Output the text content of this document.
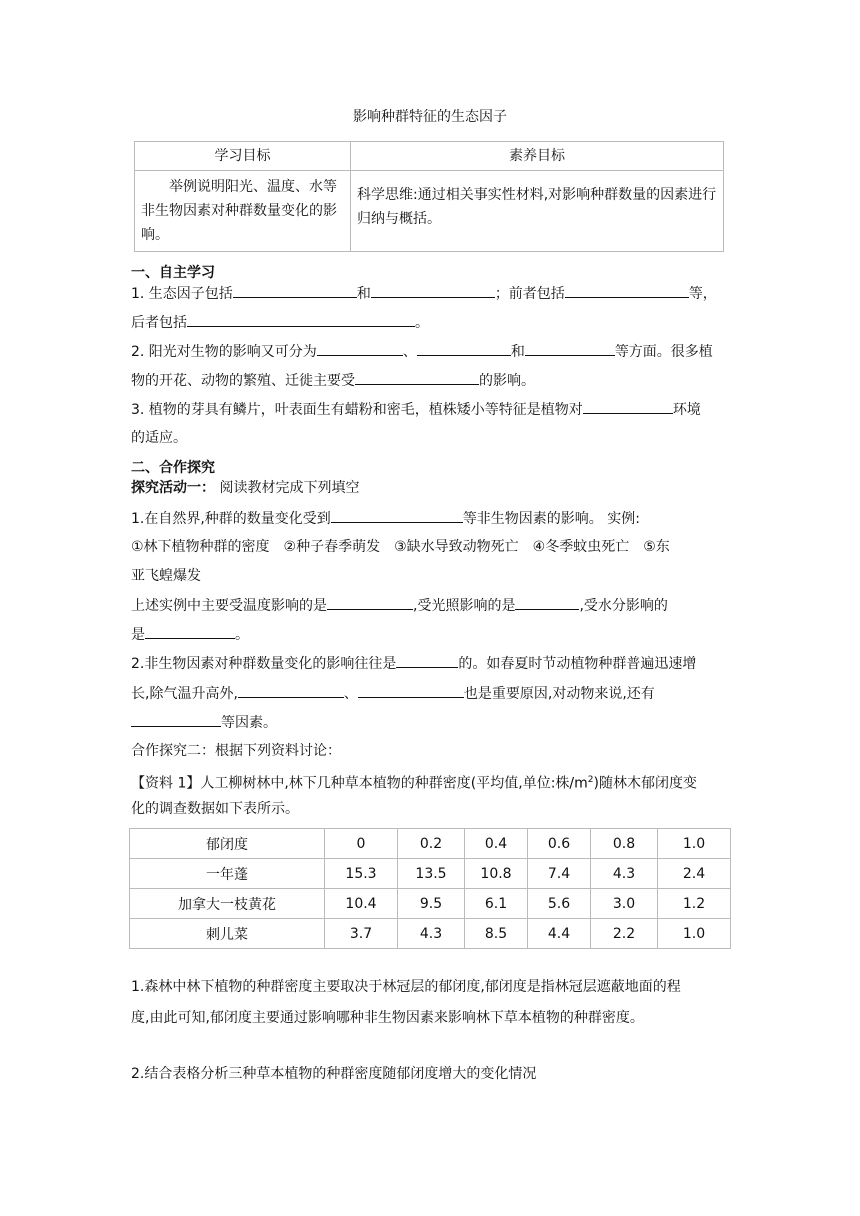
影响种群特征的生态因子
学习目标	素养目标
举例说明阳光、温度、水等非生物因素对种群数量变化的影响。	科学思维:通过相关事实性材料,对影响种群数量的因素进行归纳与概括。
一、自主学习
1. 生态因子包括	和	；前者包括	等，
后者包括	。
2. 阳光对生物的影响又可分为	、	和	等方面。很多植
物的开花、动物的繁殖、迁徙主要受	的影响。
3. 植物的芽具有鳞片，叶表面生有蜡粉和密毛，植株矮小等特征是植物对	环境
的适应。
二、合作探究
探究活动一： 阅读教材完成下列填空
1.在自然界,种群的数量变化受到	等非生物因素的影响。 实例:
①林下植物种群的密度　②种子春季萌发　③缺水导致动物死亡　④冬季蚊虫死亡　⑤东
亚飞蝗爆发
上述实例中主要受温度影响的是	,受光照影响的是	,受水分影响的
是	。
2.非生物因素对种群数量变化的影响往往是	的。如春夏时节动植物种群普遍迅速增
长,除气温升高外,	、	也是重要原因,对动物来说,还有
等因素。
合作探究二：根据下列资料讨论：
【资料 1】人工柳树林中,林下几种草本植物的种群密度(平均值,单位:株$/m^2$)随林木郁闭度变
化的调查数据如下表所示。
郁闭度	0	0.2	0.4	0.6	0.8	1.0
一年蓬	15.3	13.5	10.8	7.4	4.3	2.4
加拿大一枝黄花	10.4	9.5	6.1	5.6	3.0	1.2
刺儿菜	3.7	4.3	8.5	4.4	2.2	1.0
1.森林中林下植物的种群密度主要取决于林冠层的郁闭度,郁闭度是指林冠层遮蔽地面的程
度,由此可知,郁闭度主要通过影响哪种非生物因素来影响林下草本植物的种群密度。
2.结合表格分析三种草本植物的种群密度随郁闭度增大的变化情况
